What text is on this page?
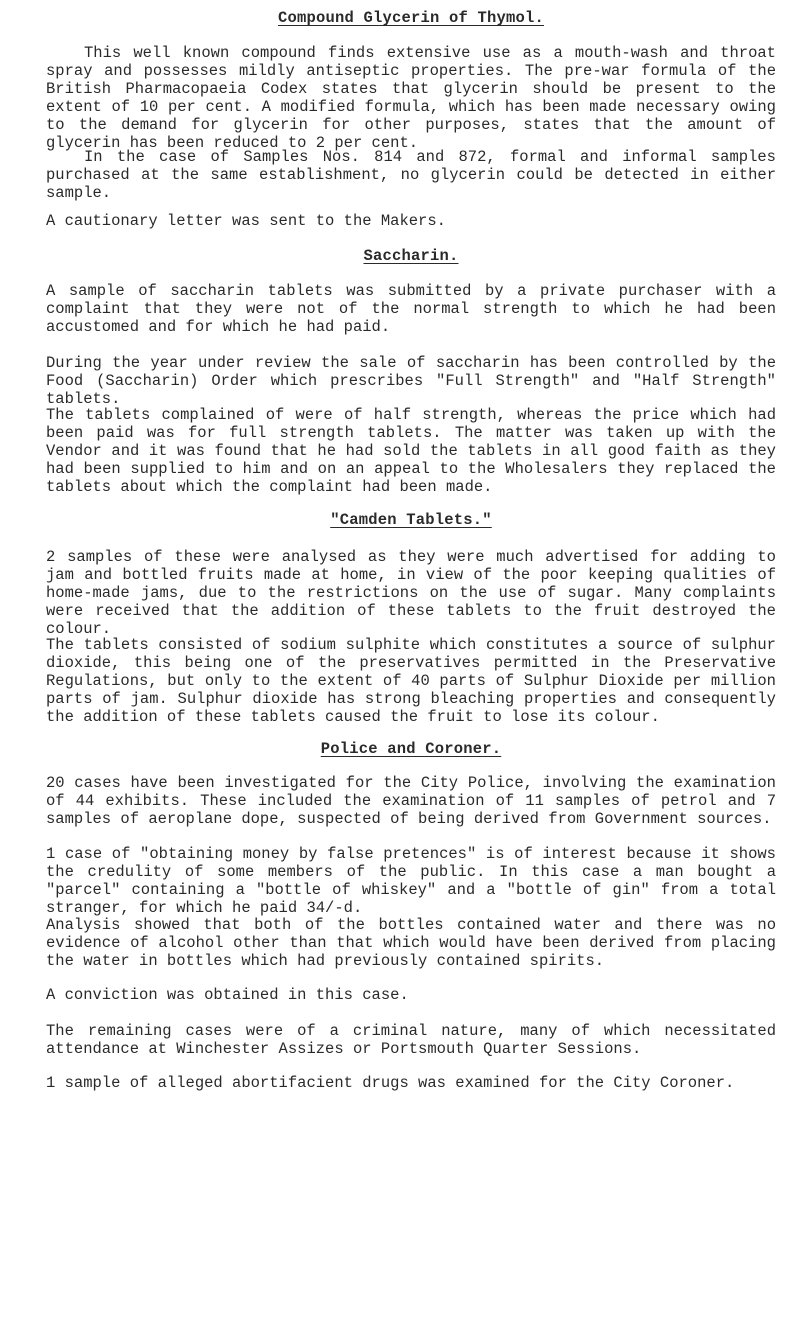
Compound Glycerin of Thymol.

This well known compound finds extensive use as a mouth-wash and throat spray and possesses mildly antiseptic properties. The pre-war formula of the British Pharmacopaeia Codex states that glycerin should be present to the extent of 10 per cent. A modified formula, which has been made necessary owing to the demand for glycerin for other purposes, states that the amount of glycerin has been reduced to 2 per cent.

In the case of Samples Nos. 814 and 872, formal and informal samples purchased at the same establishment, no glycerin could be detected in either sample.

A cautionary letter was sent to the Makers.

Saccharin.

A sample of saccharin tablets was submitted by a private purchaser with a complaint that they were not of the normal strength to which he had been accustomed and for which he had paid.

During the year under review the sale of saccharin has been controlled by the Food (Saccharin) Order which prescribes "Full Strength" and "Half Strength" tablets.

The tablets complained of were of half strength, whereas the price which had been paid was for full strength tablets. The matter was taken up with the Vendor and it was found that he had sold the tablets in all good faith as they had been supplied to him and on an appeal to the Wholesalers they replaced the tablets about which the complaint had been made.

"Camden Tablets."

2 samples of these were analysed as they were much advertised for adding to jam and bottled fruits made at home, in view of the poor keeping qualities of home-made jams, due to the restrictions on the use of sugar. Many complaints were received that the addition of these tablets to the fruit destroyed the colour.

The tablets consisted of sodium sulphite which constitutes a source of sulphur dioxide, this being one of the preservatives permitted in the Preservative Regulations, but only to the extent of 40 parts of Sulphur Dioxide per million parts of jam. Sulphur dioxide has strong bleaching properties and consequently the addition of these tablets caused the fruit to lose its colour.

Police and Coroner.

20 cases have been investigated for the City Police, involving the examination of 44 exhibits. These included the examination of 11 samples of petrol and 7 samples of aeroplane dope, suspected of being derived from Government sources.

1 case of "obtaining money by false pretences" is of interest because it shows the credulity of some members of the public. In this case a man bought a "parcel" containing a "bottle of whiskey" and a "bottle of gin" from a total stranger, for which he paid 34/-d.

Analysis showed that both of the bottles contained water and there was no evidence of alcohol other than that which would have been derived from placing the water in bottles which had previously contained spirits.

A conviction was obtained in this case.

The remaining cases were of a criminal nature, many of which necessitated attendance at Winchester Assizes or Portsmouth Quarter Sessions.

1 sample of alleged abortifacient drugs was examined for the City Coroner.
